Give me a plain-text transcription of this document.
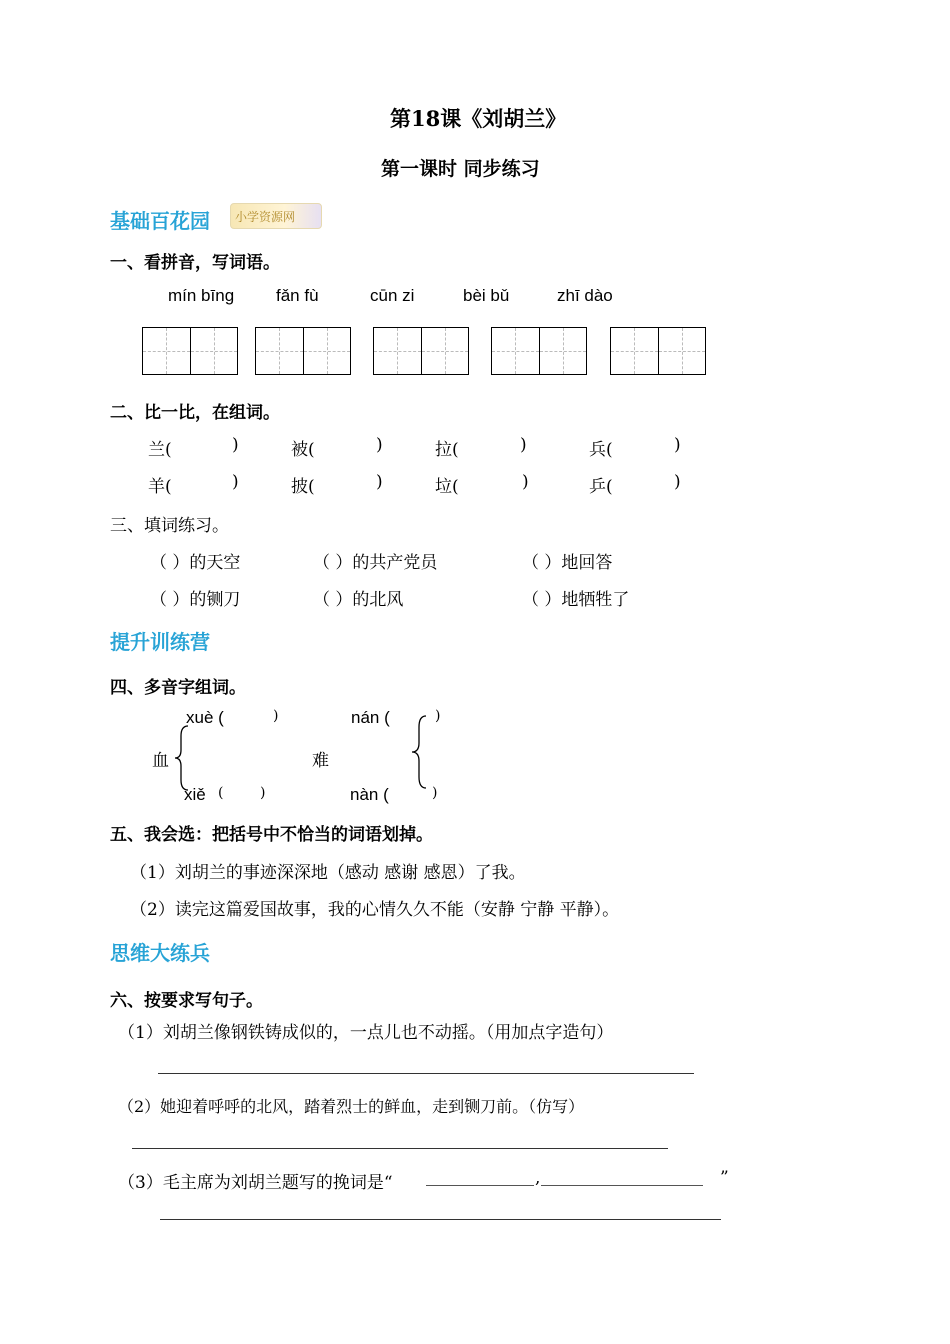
第18课《刘胡兰》
第一课时 同步练习
基础百花园 小学资源网
一、看拼音，写词语。
mín bīng fǎn fù	cūn zi	bèi bǔ	zhī dào
二、比一比，在组词。
兰(	)	被(	)	拉(	)	兵(	)
羊(	)	披(	)	垃(	)	乒(	)
三、填词练习。
（ ）的天空	（ ）的共产党员	（ ）地回答
（ ）的铡刀	（ ）的北风	（ ）地牺牲了
提升训练营
四、多音字组词。
xuè (	)
血
xiě (	)
nán (	)
难
nàn (	)
五、我会选：把括号中不恰当的词语划掉。
（1）刘胡兰的事迹深深地（感动 感谢 感恩）了我。
（2）读完这篇爱国故事，我的心情久久不能（安静 宁静 平静）。
思维大练兵
六、按要求写句子。
（1）刘胡兰像钢铁铸成似的，一点儿也不动摇。（用加点字造句）
（2）她迎着呼呼的北风，踏着烈士的鲜血，走到铡刀前。（仿写）
（3）毛主席为刘胡兰题写的挽词是“	,	”
